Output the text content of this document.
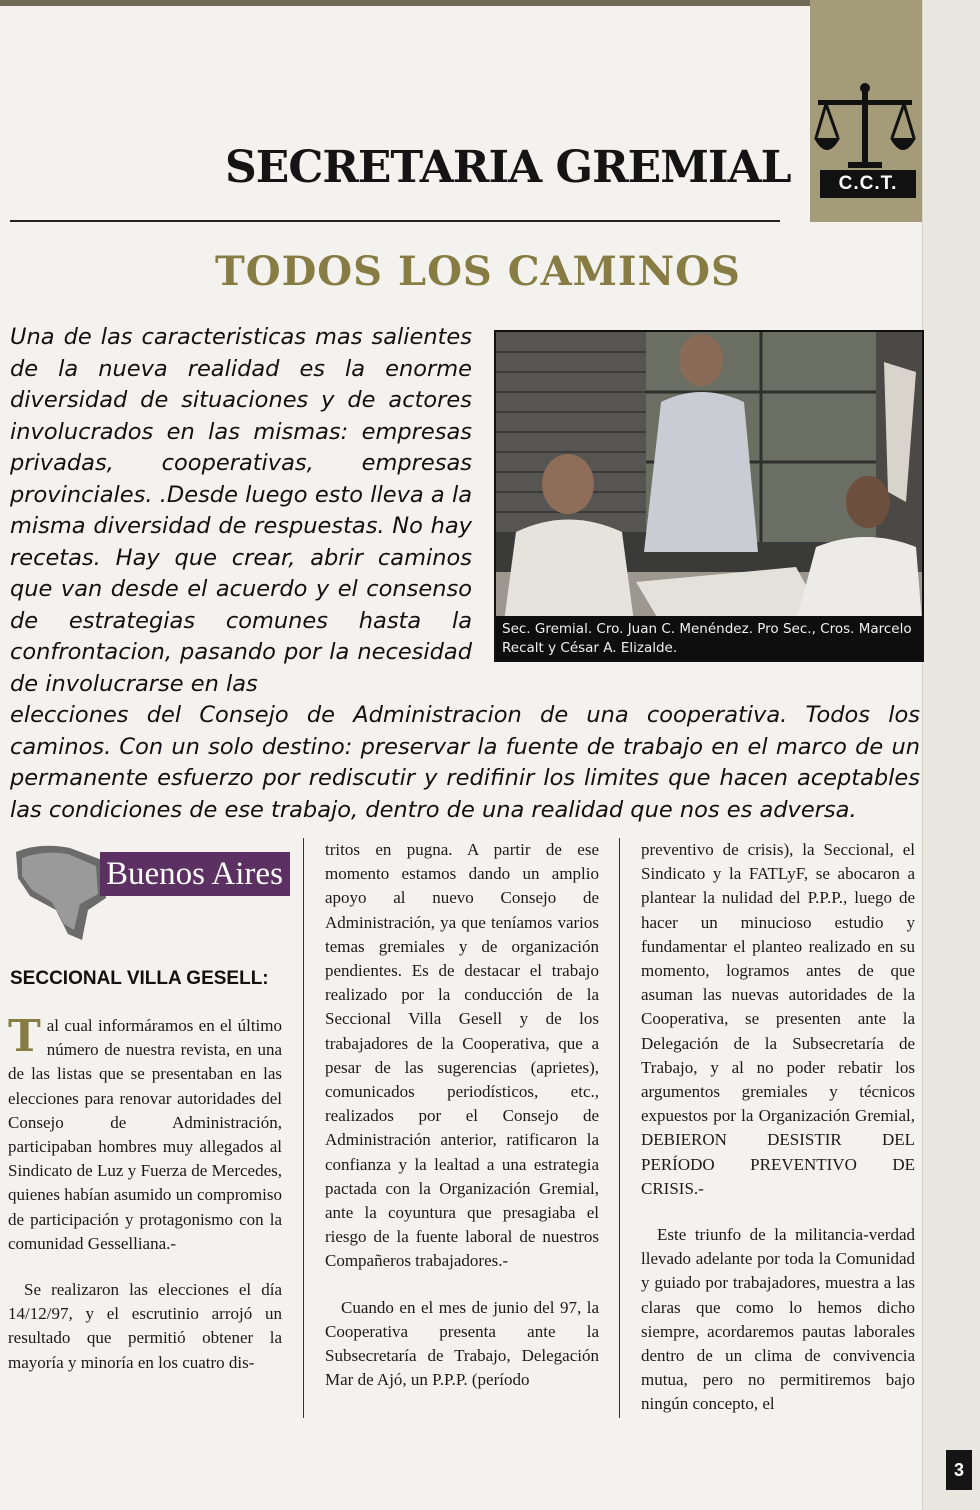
C.C.T.
SECRETARIA GREMIAL
TODOS LOS CAMINOS
Sec. Gremial. Cro. Juan C. Menéndez. Pro Sec., Cros. Marcelo Recalt y César A. Elizalde.

Una de las caracteristicas mas salientes de la nueva realidad es la enorme diversidad de situaciones y de actores involucrados en las mismas: empresas privadas, cooperativas, empresas provinciales. .Desde luego esto lleva a la misma diversidad de respuestas. No hay recetas. Hay que crear, abrir caminos que van desde el acuerdo y el consenso de estrategias comunes hasta la confrontacion, pasando por la necesidad de involucrarse en las

elecciones del Consejo de Administracion de una cooperativa. Todos los caminos. Con un solo destino: preservar la fuente de trabajo en el marco de un permanente esfuerzo por rediscutir y redifinir los limites que hacen aceptables las condiciones de ese trabajo, dentro de una realidad que nos es adversa.

Buenos Aires
SECCIONAL VILLA GESELL:

Tal cual informáramos en el último número de nuestra revista, en una de las listas que se presentaban en las elecciones para renovar autoridades del Consejo de Administración, participaban hombres muy allegados al Sindicato de Luz y Fuerza de Mercedes, quienes habían asumido un compromiso de participación y protagonismo con la comunidad Gesselliana.-

Se realizaron las elecciones el día 14/12/97, y el escrutinio arrojó un resultado que permitió obtener la mayoría y minoría en los cuatro dis-

tritos en pugna. A partir de ese momento estamos dando un amplio apoyo al nuevo Consejo de Administración, ya que teníamos varios temas gremiales y de organización pendientes. Es de destacar el trabajo realizado por la conducción de la Seccional Villa Gesell y de los trabajadores de la Cooperativa, que a pesar de las sugerencias (aprietes), comunicados periodísticos, etc., realizados por el Consejo de Administración anterior, ratificaron la confianza y la lealtad a una estrategia pactada con la Organización Gremial, ante la coyuntura que presagiaba el riesgo de la fuente laboral de nuestros Compañeros trabajadores.-

Cuando en el mes de junio del 97, la Cooperativa presenta ante la Subsecretaría de Trabajo, Delegación Mar de Ajó, un P.P.P. (período

preventivo de crisis), la Seccional, el Sindicato y la FATLyF, se abocaron a plantear la nulidad del P.P.P., luego de hacer un minucioso estudio y fundamentar el planteo realizado en su momento, logramos antes de que asuman las nuevas autoridades de la Cooperativa, se presenten ante la Delegación de la Subsecretaría de Trabajo, y al no poder rebatir los argumentos gremiales y técnicos expuestos por la Organización Gremial, DEBIERON DESISTIR DEL PERÍODO PREVENTIVO DE CRISIS.-

Este triunfo de la militancia-verdad llevado adelante por toda la Comunidad y guiado por trabajadores, muestra a las claras que como lo hemos dicho siempre, acordaremos pautas laborales dentro de un clima de convivencia mutua, pero no permitiremos bajo ningún concepto, el

3
